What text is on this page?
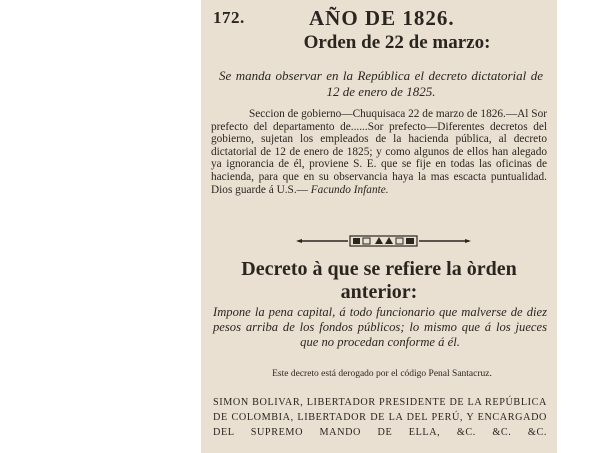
172.	AÑO DE 1826.
Orden de 22 de marzo:
Se manda observar en la República el decreto dictatorial de 12 de enero de 1825.

Seccion de gobierno—Chuquisaca 22 de marzo de 1826.—Al Sor prefecto del departamento de......Sor prefecto—Diferentes decretos del gobierno, sujetan los empleados de la hacienda pública, al decreto dictatorial de 12 de enero de 1825; y como algunos de ellos han alegado ya ignorancia de él, proviene S. E. que se fije en todas las oficinas de hacienda, para que en su observancia haya la mas escacta puntualidad. Dios guarde á U.S.— Facundo Infante.

Decreto à que se refiere la òrden anterior:
Impone la pena capital, á todo funcionario que malverse de diez pesos arriba de los fondos públicos; lo mismo que á los jueces que no procedan conforme á él.
Este decreto está derogado por el código Penal Santacruz.
SIMON BOLIVAR, LIBERTADOR PRESIDENTE DE LA REPÚBLICA DE COLOMBIA, LIBERTADOR DE LA DEL PERÚ, Y ENCARGADO DEL SUPREMO MANDO DE ELLA, &C. &C. &C.
